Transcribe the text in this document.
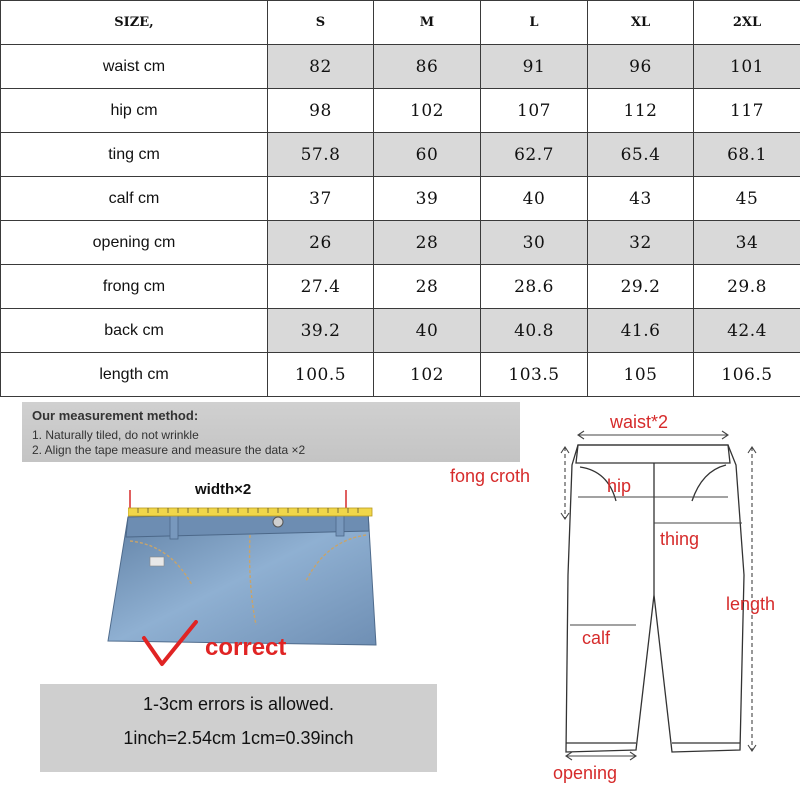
SIZE,	S	M	L	XL	2XL
waist cm	82	86	91	96	101
hip cm	98	102	107	112	117
ting cm	57.8	60	62.7	65.4	68.1
calf cm	37	39	40	43	45
opening cm	26	28	30	32	34
frong cm	27.4	28	28.6	29.2	29.8
back cm	39.2	40	40.8	41.6	42.4
length cm	100.5	102	103.5	105	106.5
Our measurement method:
1. Naturally tiled, do not wrinkle
2. Align the tape measure and measure the data ×2
width×2
correct
1-3cm errors is allowed.
1inch=2.54cm 1cm=0.39inch
waist*2
fong croth	hip
thing
length
calf
opening
